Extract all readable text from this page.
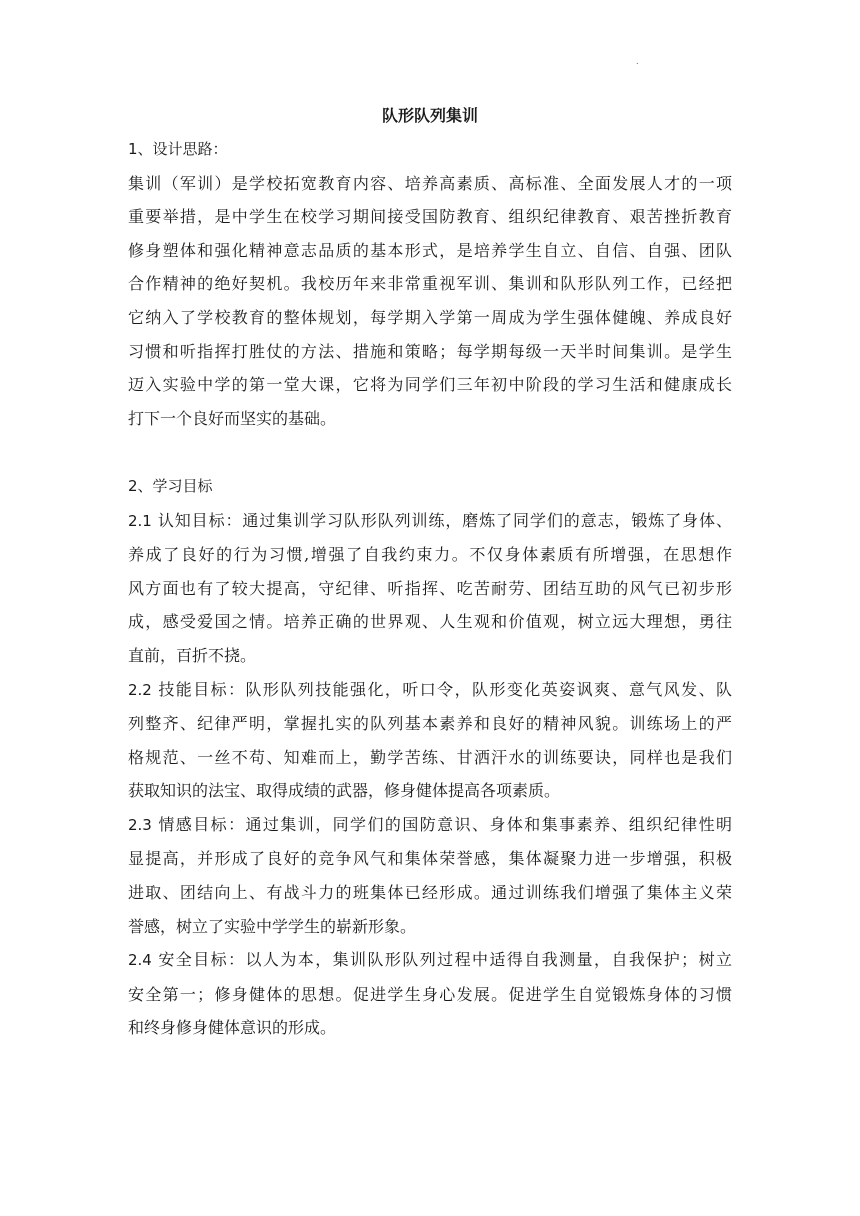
.
队形队列集训

1、设计思路：

集训（军训）是学校拓宽教育内容、培养高素质、高标准、全面发展人才的一项

重要举措，是中学生在校学习期间接受国防教育、组织纪律教育、艰苦挫折教育

修身塑体和强化精神意志品质的基本形式，是培养学生自立、自信、自强、团队

合作精神的绝好契机。我校历年来非常重视军训、集训和队形队列工作，已经把

它纳入了学校教育的整体规划，每学期入学第一周成为学生强体健魄、养成良好

习惯和听指挥打胜仗的方法、措施和策略；每学期每级一天半时间集训。是学生

迈入实验中学的第一堂大课，它将为同学们三年初中阶段的学习生活和健康成长

打下一个良好而坚实的基础。

2、学习目标

2.1 认知目标：通过集训学习队形队列训练，磨炼了同学们的意志，锻炼了身体、

养成了良好的行为习惯,增强了自我约束力。不仅身体素质有所增强，在思想作

风方面也有了较大提高，守纪律、听指挥、吃苦耐劳、团结互助的风气已初步形

成，感受爱国之情。培养正确的世界观、人生观和价值观，树立远大理想，勇往

直前，百折不挠。

2.2 技能目标：队形队列技能强化，听口令，队形变化英姿讽爽、意气风发、队

列整齐、纪律严明，掌握扎实的队列基本素养和良好的精神风貌。训练场上的严

格规范、一丝不苟、知难而上，勤学苦练、甘洒汗水的训练要诀，同样也是我们

获取知识的法宝、取得成绩的武器，修身健体提高各项素质。

2.3 情感目标：通过集训，同学们的国防意识、身体和集事素养、组织纪律性明

显提高，并形成了良好的竞争风气和集体荣誉感，集体凝聚力进一步增强，积极

进取、团结向上、有战斗力的班集体已经形成。通过训练我们增强了集体主义荣

誉感，树立了实验中学学生的崭新形象。

2.4 安全目标：以人为本，集训队形队列过程中适得自我测量，自我保护；树立

安全第一；修身健体的思想。促进学生身心发展。促进学生自觉锻炼身体的习惯

和终身修身健体意识的形成。
